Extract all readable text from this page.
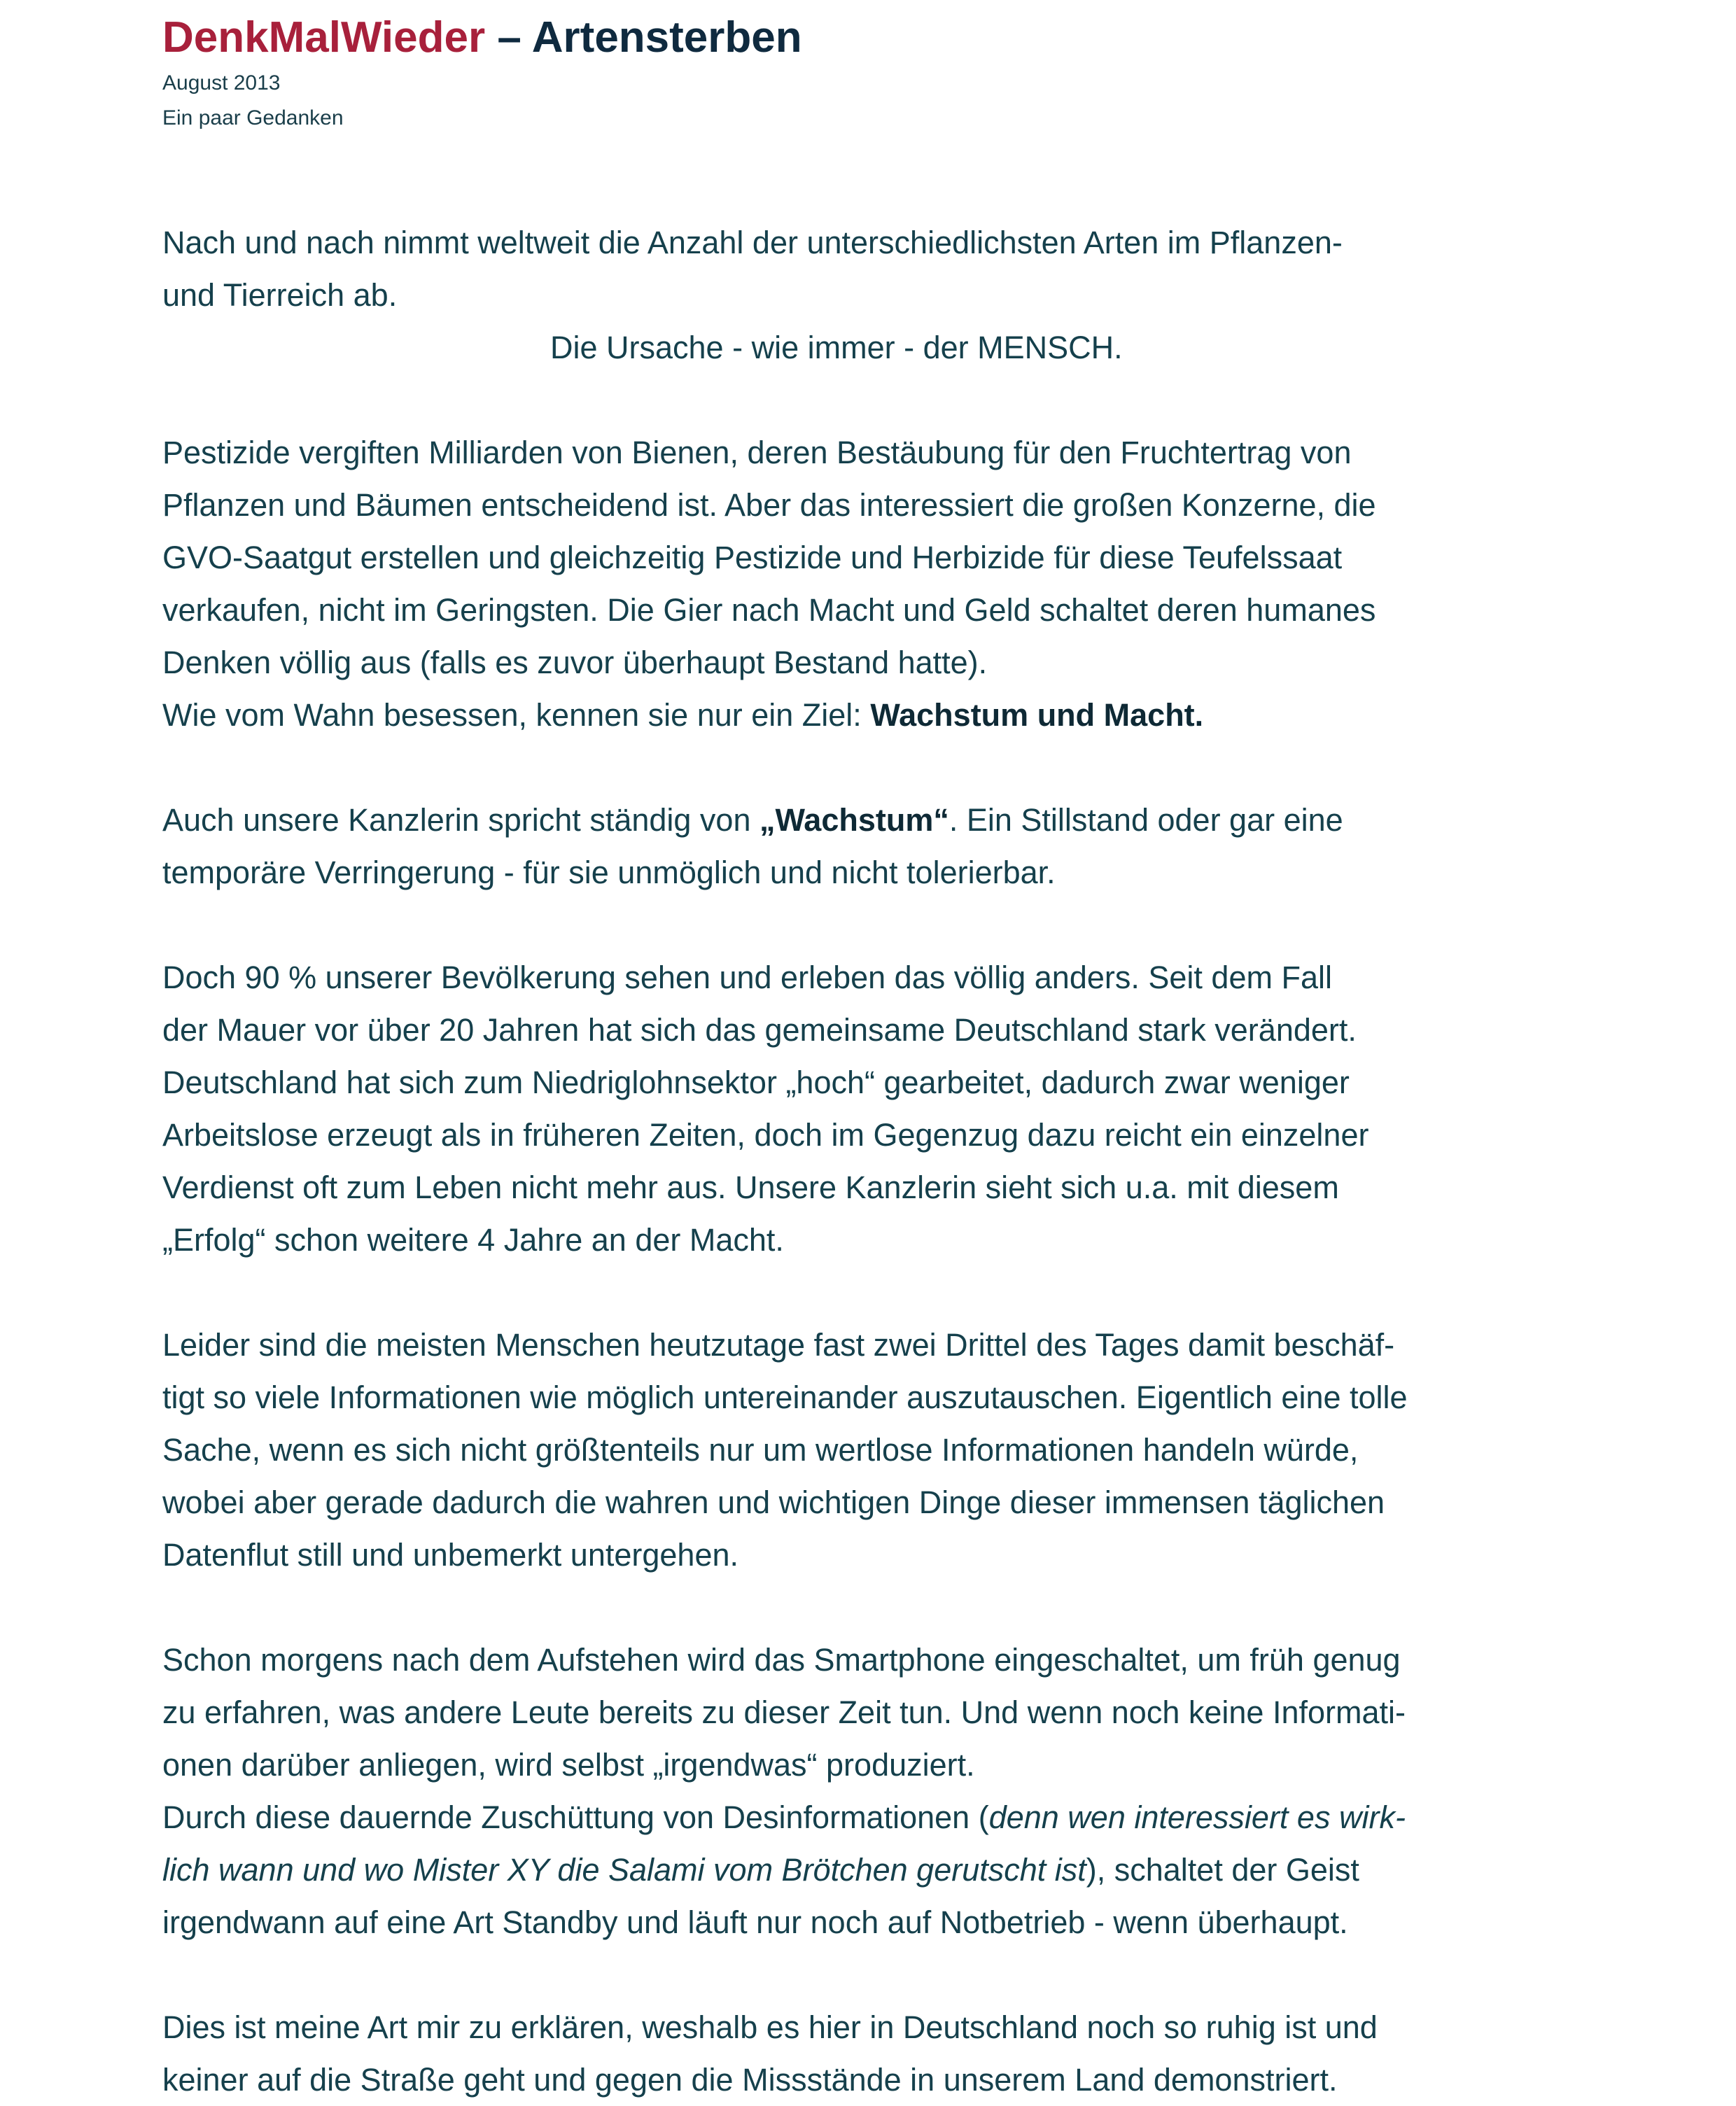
DenkMalWieder – Artensterben
August 2013
Ein paar Gedanken

Nach und nach nimmt weltweit die Anzahl der unterschiedlichsten Arten im Pflanzen-
und Tierreich ab.
Die Ursache - wie immer - der MENSCH.

Pestizide vergiften Milliarden von Bienen, deren Bestäubung für den Fruchtertrag von
Pflanzen und Bäumen entscheidend ist. Aber das interessiert die großen Konzerne, die
GVO-Saatgut erstellen und gleichzeitig Pestizide und Herbizide für diese Teufelssaat
verkaufen, nicht im Geringsten. Die Gier nach Macht und Geld schaltet deren humanes
Denken völlig aus (falls es zuvor überhaupt Bestand hatte).
Wie vom Wahn besessen, kennen sie nur ein Ziel: Wachstum und Macht.

Auch unsere Kanzlerin spricht ständig von „Wachstum“. Ein Stillstand oder gar eine
temporäre Verringerung - für sie unmöglich und nicht tolerierbar.

Doch 90 % unserer Bevölkerung sehen und erleben das völlig anders. Seit dem Fall
der Mauer vor über 20 Jahren hat sich das gemeinsame Deutschland stark verändert.
Deutschland hat sich zum Niedriglohnsektor „hoch“ gearbeitet, dadurch zwar weniger
Arbeitslose erzeugt als in früheren Zeiten, doch im Gegenzug dazu reicht ein einzelner
Verdienst oft zum Leben nicht mehr aus. Unsere Kanzlerin sieht sich u.a. mit diesem
„Erfolg“ schon weitere 4 Jahre an der Macht.

Leider sind die meisten Menschen heutzutage fast zwei Drittel des Tages damit beschäf-
tigt so viele Informationen wie möglich untereinander auszutauschen. Eigentlich eine tolle
Sache, wenn es sich nicht größtenteils nur um wertlose Informationen handeln würde,
wobei aber gerade dadurch die wahren und wichtigen Dinge dieser immensen täglichen
Datenflut still und unbemerkt untergehen.

Schon morgens nach dem Aufstehen wird das Smartphone eingeschaltet, um früh genug
zu erfahren, was andere Leute bereits zu dieser Zeit tun. Und wenn noch keine Informati-
onen darüber anliegen, wird selbst „irgendwas“ produziert.
Durch diese dauernde Zuschüttung von Desinformationen (denn wen interessiert es wirk-
lich wann und wo Mister XY die Salami vom Brötchen gerutscht ist), schaltet der Geist
irgendwann auf eine Art Standby und läuft nur noch auf Notbetrieb - wenn überhaupt.

Dies ist meine Art mir zu erklären, weshalb es hier in Deutschland noch so ruhig ist und
keiner auf die Straße geht und gegen die Missstände in unserem Land demonstriert.
